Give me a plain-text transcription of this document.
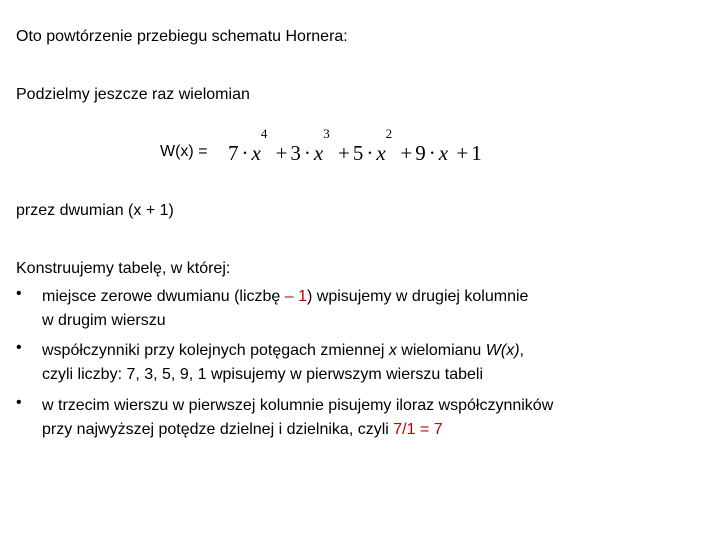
Oto powtórzenie przebiegu schematu Hornera:
Podzielmy jeszcze raz wielomian
$W(x) = 7 \cdot x^4 + 3 \cdot x^3 + 5 \cdot x^2 + 9 \cdot x + 1$
przez dwumian (x + 1)
Konstruujemy tabelę, w której:
•	miejsce zerowe dwumianu (liczbę – 1) wpisujemy w drugiej kolumnie
w drugim wierszu
•	współczynniki przy kolejnych potęgach zmiennej x wielomianu W(x),
czyli liczby: 7, 3, 5, 9, 1 wpisujemy w pierwszym wierszu tabeli
•	w trzecim wierszu w pierwszej kolumnie pisujemy iloraz współczynników
przy najwyższej potędze dzielnej i dzielnika, czyli 7/1 = 7
